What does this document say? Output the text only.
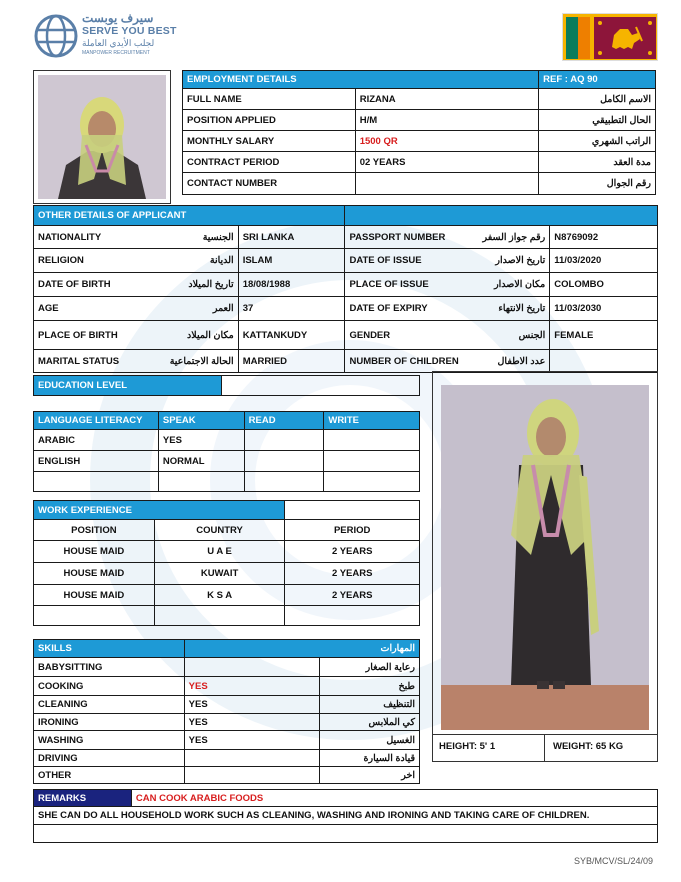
سيرف يوبست
SERVE YOU BEST
لجلب الأيدي العاملة
MANPOWER RECRUITMENT
EMPLOYMENT DETAILS		REF : AQ 90
FULL NAME	RIZANA	الاسم الكامل
POSITION APPLIED	H/M	الحال التطبيقي
MONTHLY SALARY	1500 QR	الراتب الشهري
CONTRACT PERIOD	02 YEARS	مدة العقد
CONTACT NUMBER		رقم الجوال
OTHER DETAILS OF APPLICANT			

NATIONALITY الجنسية	SRI LANKA	PASSPORT NUMBER رقم جواز السفر	N8769092

RELIGION الديانة	ISLAM	DATE OF ISSUE تاريخ الاصدار	11/03/2020

DATE OF BIRTH تاريخ الميلاد	18/08/1988	PLACE OF ISSUE مكان الاصدار	COLOMBO

AGE العمر	37	DATE OF EXPIRY تاريخ الانتهاء	11/03/2030

PLACE OF BIRTH مكان الميلاد	KATTANKUDY	GENDER الجنس	FEMALE

MARITAL STATUS الحالة الاجتماعية	MARRIED	NUMBER OF CHILDREN عدد الاطفال	

EDUCATION LEVEL	
LANGUAGE LITERACY	SPEAK	READ	WRITE
ARABIC	YES		
ENGLISH	NORMAL		

WORK EXPERIENCE		
POSITION	COUNTRY	PERIOD
HOUSE MAID	U A E	2 YEARS
HOUSE MAID	KUWAIT	2 YEARS
HOUSE MAID	K S A	2 YEARS

SKILLS	المهارات	
BABYSITTING		رعاية الصغار
COOKING	YES	طبخ
CLEANING	YES	التنظيف
IRONING	YES	كي الملابس
WASHING	YES	الغسيل
DRIVING		قيادة السيارة
OTHER		اخر
HEIGHT: 5' 1	WEIGHT: 65 KG
REMARKS	CAN COOK ARABIC FOODS
SHE CAN DO ALL HOUSEHOLD WORK SUCH AS CLEANING, WASHING AND IRONING AND TAKING CARE OF CHILDREN.

SYB/MCV/SL/24/09
